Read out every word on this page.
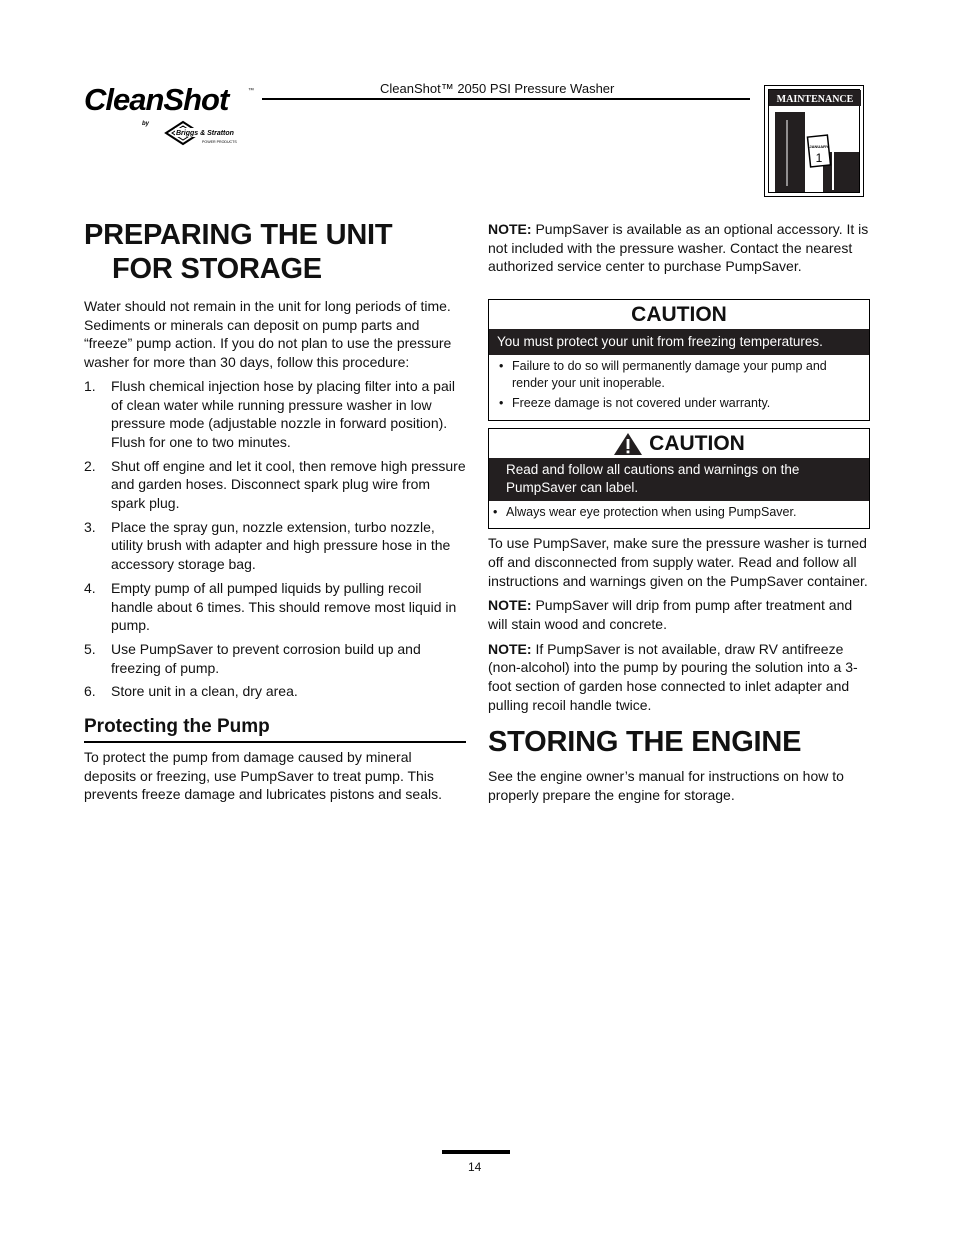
CleanShot	™
by
Briggs & Stratton
POWER PRODUCTS
CleanShot™ 2050 PSI Pressure Washer
MAINTENANCE
JANUARY
1
PREPARING THE UNIT
FOR STORAGE

Water should not remain in the unit for long periods of time. Sediments or minerals can deposit on pump parts and “freeze” pump action. If you do not plan to use the pressure washer for more than 30 days, follow this procedure:

1. Flush chemical injection hose by placing filter into a pail of clean water while running pressure washer in low pressure mode (adjustable nozzle in forward position). Flush for one to two minutes.
2. Shut off engine and let it cool, then remove high pressure and garden hoses. Disconnect spark plug wire from spark plug.
3. Place the spray gun, nozzle extension, turbo nozzle, utility brush with adapter and high pressure hose in the accessory storage bag.
4. Empty pump of all pumped liquids by pulling recoil handle about 6 times. This should remove most liquid in pump.
5. Use PumpSaver to prevent corrosion build up and freezing of pump.
6. Store unit in a clean, dry area.
Protecting the Pump

To protect the pump from damage caused by mineral deposits or freezing, use PumpSaver to treat pump. This prevents freeze damage and lubricates pistons and seals.

NOTE: PumpSaver is available as an optional accessory. It is not included with the pressure washer. Contact the nearest authorized service center to purchase PumpSaver.

CAUTION
You must protect your unit from freezing temperatures.
• Failure to do so will permanently damage your pump and render your unit inoperable.
• Freeze damage is not covered under warranty.
CAUTION
Read and follow all cautions and warnings on the PumpSaver can label.
• Always wear eye protection when using PumpSaver.

To use PumpSaver, make sure the pressure washer is turned off and disconnected from supply water. Read and follow all instructions and warnings given on the PumpSaver container.

NOTE: PumpSaver will drip from pump after treatment and will stain wood and concrete.

NOTE: If PumpSaver is not available, draw RV antifreeze (non-alcohol) into the pump by pouring the solution into a 3-foot section of garden hose connected to inlet adapter and pulling recoil handle twice.

STORING THE ENGINE

See the engine owner’s manual for instructions on how to properly prepare the engine for storage.

14
